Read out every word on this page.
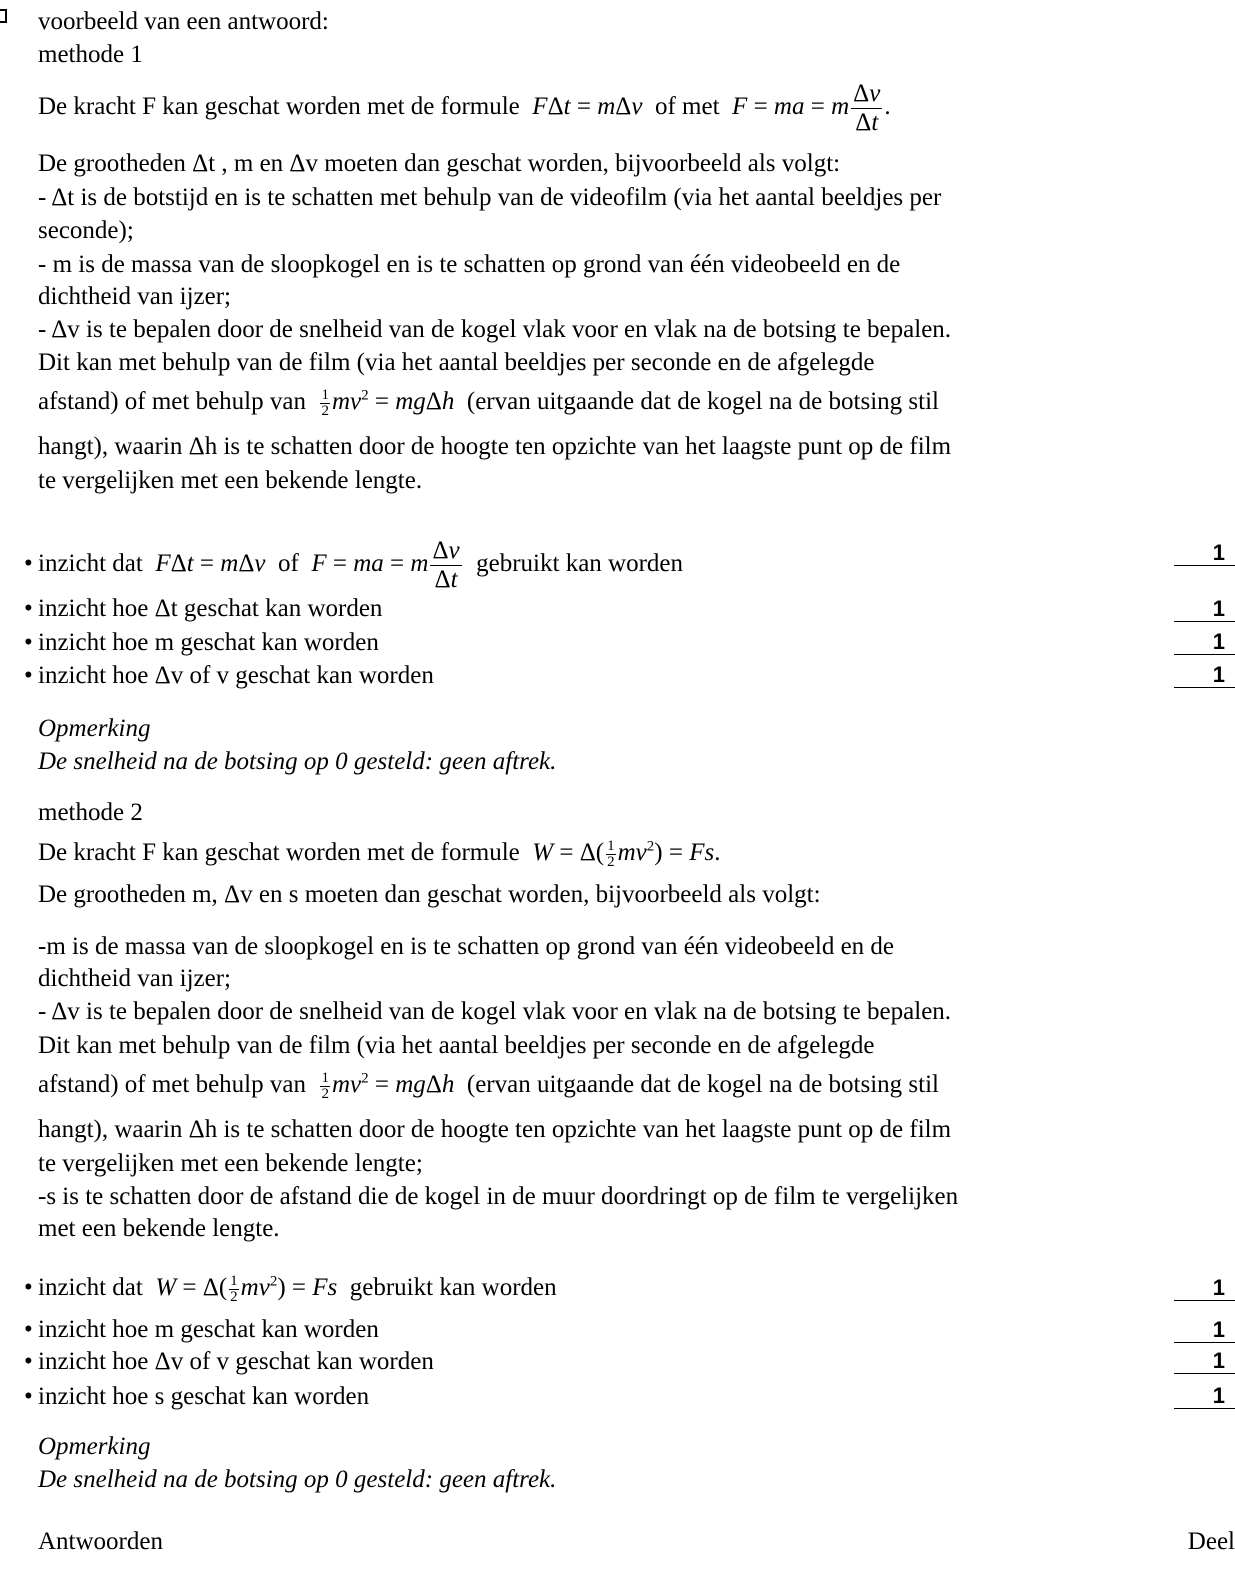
voorbeeld van een antwoord:
methode 1
De kracht F kan geschat worden met de formule FΔt = mΔv of met F = ma = m $\frac{\Delta v}{\Delta t}$ .
De grootheden Δt , m en Δv moeten dan geschat worden, bijvoorbeeld als volgt:
- Δt is de botstijd en is te schatten met behulp van de videofilm (via het aantal beeldjes per
seconde);
- m is de massa van de sloopkogel en is te schatten op grond van één videobeeld en de
dichtheid van ijzer;
- Δv is te bepalen door de snelheid van de kogel vlak voor en vlak na de botsing te bepalen.
Dit kan met behulp van de film (via het aantal beeldjes per seconde en de afgelegde
afstand) of met behulp van $\frac{1}{2} mv^2 = mg\Delta h$ (ervan uitgaande dat de kogel na de botsing stil
hangt), waarin Δh is te schatten door de hoogte ten opzichte van het laagste punt op de film
te vergelijken met een bekende lengte.
• inzicht dat FΔt = mΔv of F = ma = m $\frac{\Delta v}{\Delta t}$ gebruikt kan worden	1
• inzicht hoe Δt geschat kan worden	1
• inzicht hoe m geschat kan worden	1
• inzicht hoe Δv of v geschat kan worden	1
Opmerking
De snelheid na de botsing op 0 gesteld: geen aftrek.
methode 2
De kracht F kan geschat worden met de formule $W = \Delta( \frac{1}{2} mv^2) = Fs$.
De grootheden m, Δv en s moeten dan geschat worden, bijvoorbeeld als volgt:
-m is de massa van de sloopkogel en is te schatten op grond van één videobeeld en de
dichtheid van ijzer;
- Δv is te bepalen door de snelheid van de kogel vlak voor en vlak na de botsing te bepalen.
Dit kan met behulp van de film (via het aantal beeldjes per seconde en de afgelegde
afstand) of met behulp van $\frac{1}{2} mv^2 = mg\Delta h$ (ervan uitgaande dat de kogel na de botsing stil
hangt), waarin Δh is te schatten door de hoogte ten opzichte van het laagste punt op de film
te vergelijken met een bekende lengte;
-s is te schatten door de afstand die de kogel in de muur doordringt op de film te vergelijken
met een bekende lengte.
• inzicht dat $W = \Delta( \frac{1}{2} mv^2) = Fs$ gebruikt kan worden	1
• inzicht hoe m geschat kan worden	1
• inzicht hoe Δv of v geschat kan worden	1
• inzicht hoe s geschat kan worden	1
Opmerking
De snelheid na de botsing op 0 gesteld: geen aftrek.
Antwoorden	Deel
